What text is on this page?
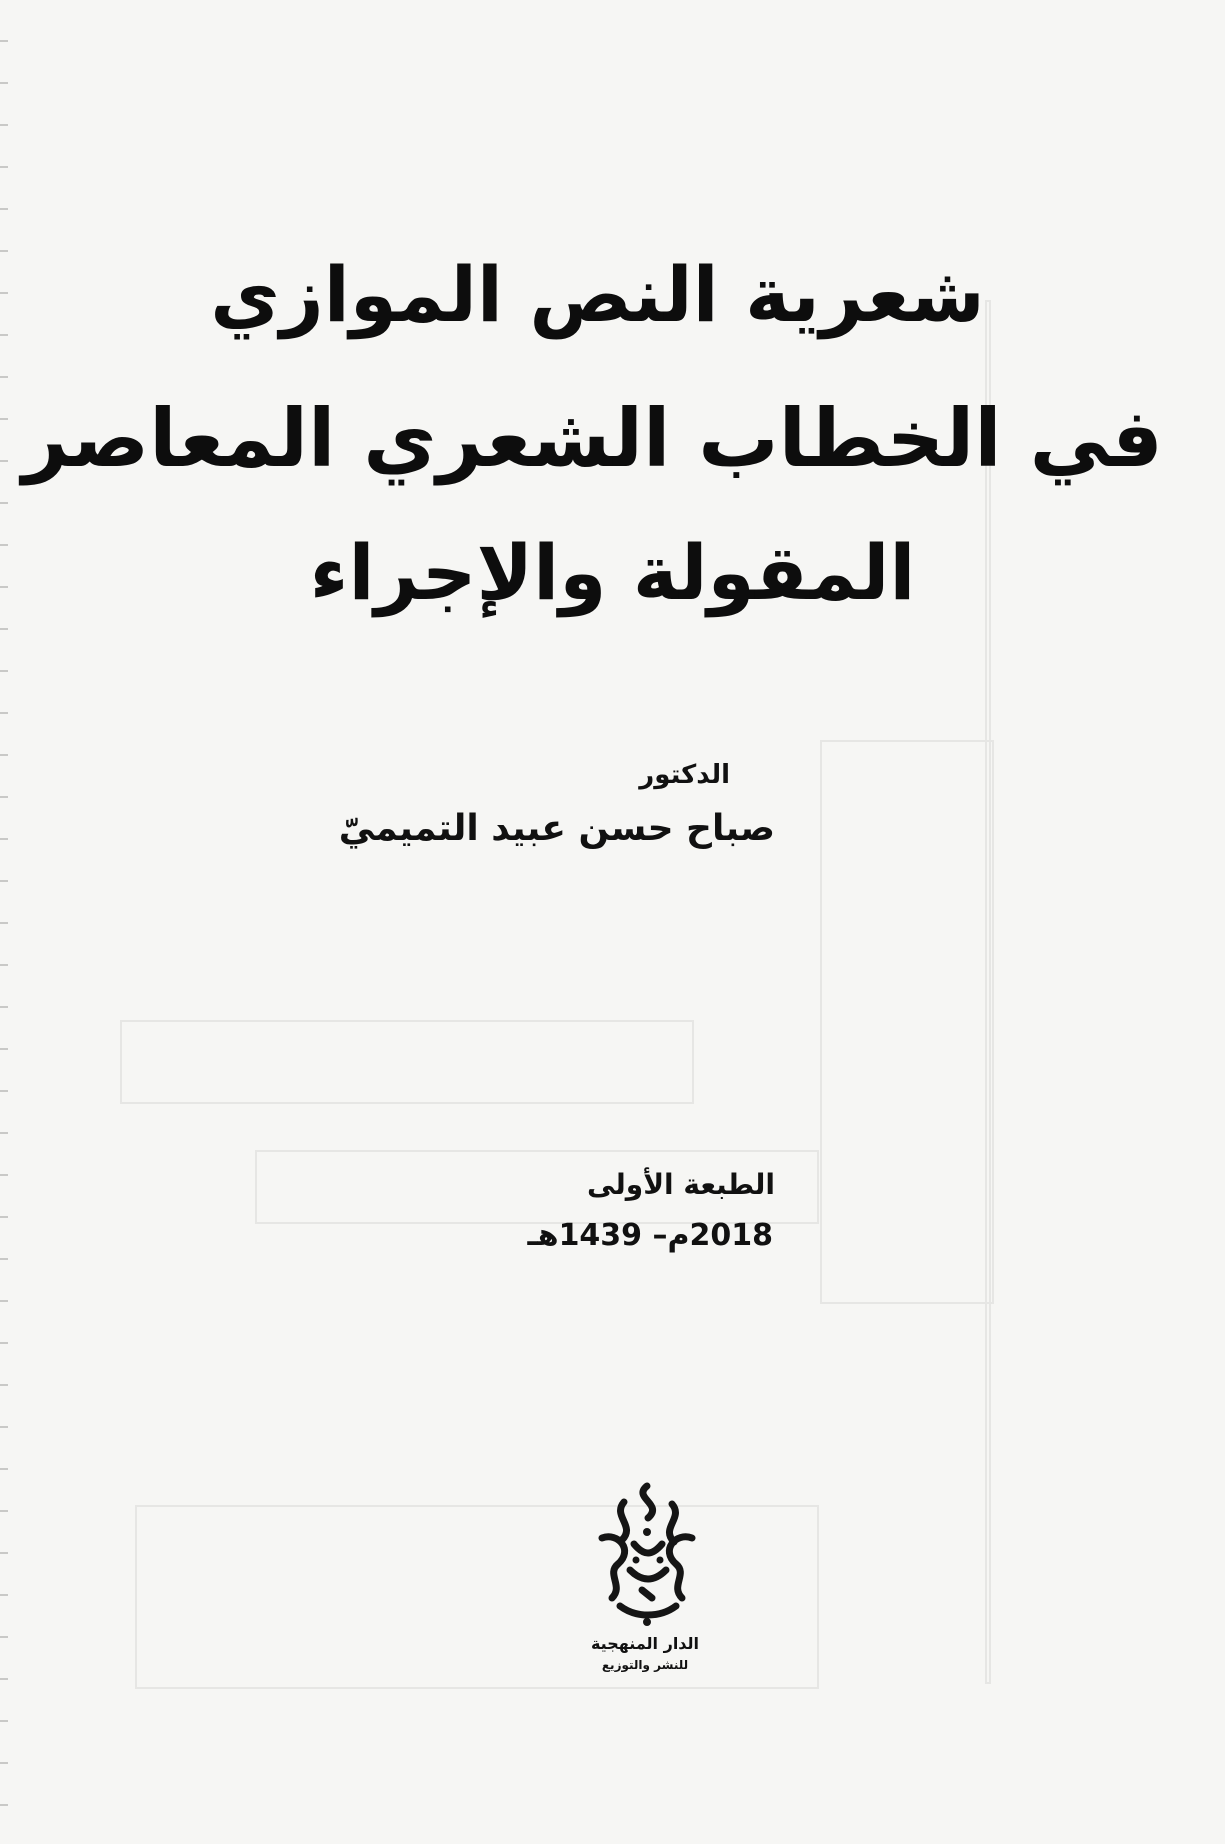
شعرية النص الموازي
في الخطاب الشعري المعاصر
المقولة والإجراء
الدكتور
صباح حسن عبيد التميميّ
الطبعة الأولى
2018م– 1439هـ
الدار المنهجية
للنشر والتوزيع
